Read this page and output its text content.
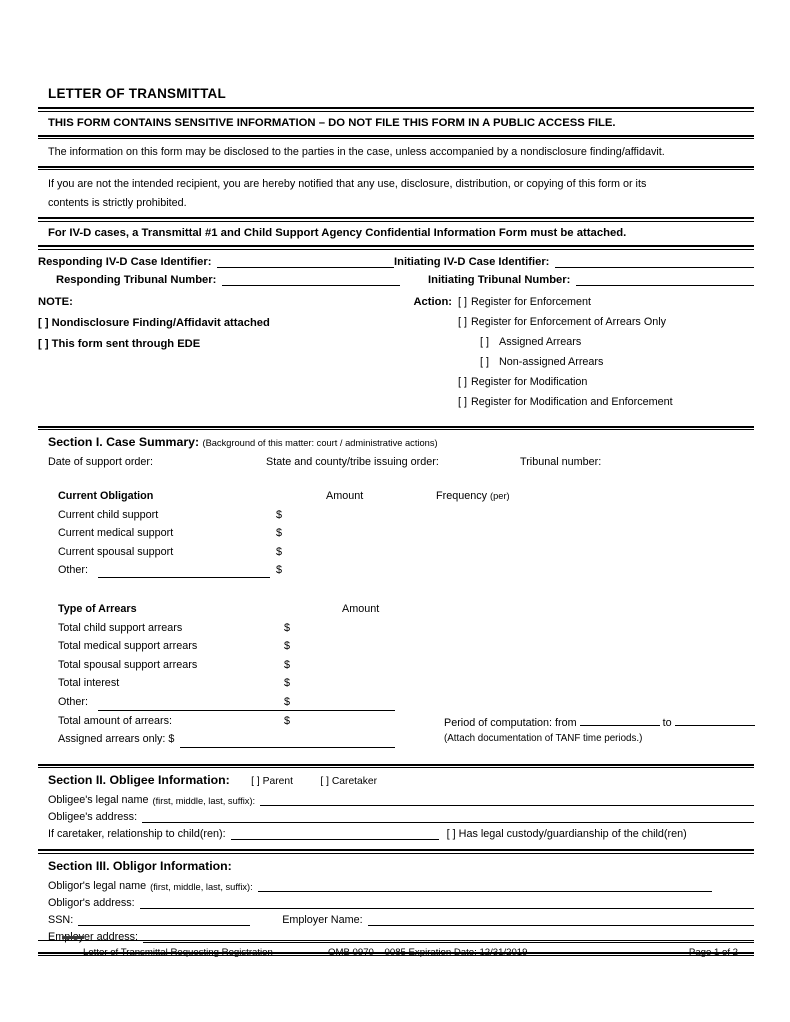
LETTER OF TRANSMITTAL
THIS FORM CONTAINS SENSITIVE INFORMATION – DO NOT FILE THIS FORM IN A PUBLIC ACCESS FILE.
The information on this form may be disclosed to the parties in the case, unless accompanied by a nondisclosure finding/affidavit.
If you are not the intended recipient, you are hereby notified that any use, disclosure, distribution, or copying of this form or its
contents is strictly prohibited.
For IV-D cases, a Transmittal #1 and Child Support Agency Confidential Information Form must be attached.
Responding IV-D Case Identifier:	Initiating IV-D Case Identifier:
Responding Tribunal Number:	Initiating Tribunal Number:
NOTE:
[ ] Nondisclosure Finding/Affidavit attached
[ ] This form sent through EDE
Action: [ ] Register for Enforcement
[ ] Register for Enforcement of Arrears Only
[ ] Assigned Arrears
[ ] Non-assigned Arrears
[ ] Register for Modification
[ ] Register for Modification and Enforcement
Section I. Case Summary: (Background of this matter: court / administrative actions)
Date of support order:	State and county/tribe issuing order:	Tribunal number:
Current Obligation	Amount	Frequency (per)
Current child support	$
Current medical support	$
Current spousal support	$
Other:	$
Type of Arrears	Amount
Total child support arrears	$
Total medical support arrears	$
Total spousal support arrears	$
Total interest	$
Other:	$
Total amount of arrears:	$	Period of computation: from	to
Assigned arrears only: $	(Attach documentation of TANF time periods.)
Section II. Obligee Information: [ ] Parent	[ ] Caretaker
Obligee's legal name (first, middle, last, suffix):
Obligee's address:
If caretaker, relationship to child(ren):	[ ] Has legal custody/guardianship of the child(ren)
Section III. Obligor Information:
Obligor's legal name (first, middle, last, suffix):
Obligor's address:
SSN:	Employer Name:
Employer address:
Letter of Transmittal Requesting Registration	OMB 0970 – 0085 Expiration Date: 12/31/2019	Page 1 of 2
